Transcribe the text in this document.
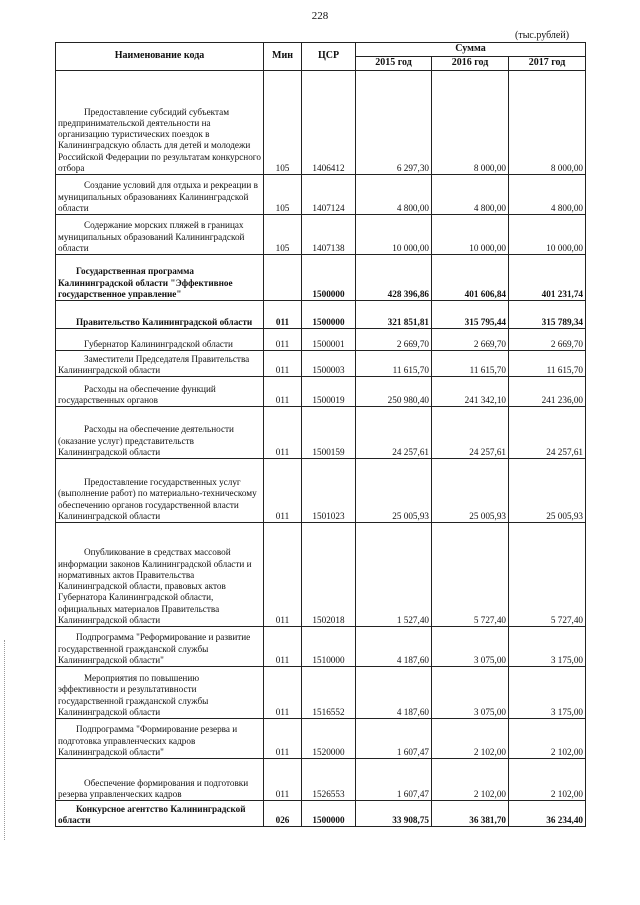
228
(тыс.рублей)
Наименование кода	Мин	ЦСР	Сумма		
			2015 год	2016 год	2017 год

Предоставление субсидий субъектам предпринимательской деятельности на организацию туристических поездок в Калининградскую область для детей и молодежи Российской Федерации по результатам конкурсного отбора	105	1406412	6 297,30	8 000,00	8 000,00

Создание условий для отдыха и рекреации в муниципальных образованиях Калининградской области	105	1407124	4 800,00	4 800,00	4 800,00

Содержание морских пляжей в границах муниципальных образований Калининградской области	105	1407138	10 000,00	10 000,00	10 000,00

Государственная программа Калининградской области "Эффективное государственное управление"		1500000	428 396,86	401 606,84	401 231,74

Правительство Калининградской области	011	1500000	321 851,81	315 795,44	315 789,34

Губернатор Калининградской области	011	1500001	2 669,70	2 669,70	2 669,70

Заместители Председателя Правительства Калининградской области	011	1500003	11 615,70	11 615,70	11 615,70

Расходы на обеспечение функций государственных органов	011	1500019	250 980,40	241 342,10	241 236,00

Расходы на обеспечение деятельности (оказание услуг) представительств Калининградской области	011	1500159	24 257,61	24 257,61	24 257,61

Предоставление государственных услуг (выполнение работ) по материально-техническому обеспечению органов государственной власти Калининградской области	011	1501023	25 005,93	25 005,93	25 005,93

Опубликование в средствах массовой информации законов Калининградской области и нормативных актов Правительства Калининградской области, правовых актов Губернатора Калининградской области, официальных материалов Правительства Калининградской области	011	1502018	1 527,40	5 727,40	5 727,40

Подпрограмма "Реформирование и развитие государственной гражданской службы Калининградской области"	011	1510000	4 187,60	3 075,00	3 175,00

Мероприятия по повышению эффективности и результативности государственной гражданской службы Калининградской области	011	1516552	4 187,60	3 075,00	3 175,00

Подпрограмма "Формирование резерва и подготовка управленческих кадров Калининградской области"	011	1520000	1 607,47	2 102,00	2 102,00

Обеспечение формирования и подготовки резерва управленческих кадров	011	1526553	1 607,47	2 102,00	2 102,00

Конкурсное агентство Калининградской области	026	1500000	33 908,75	36 381,70	36 234,40
